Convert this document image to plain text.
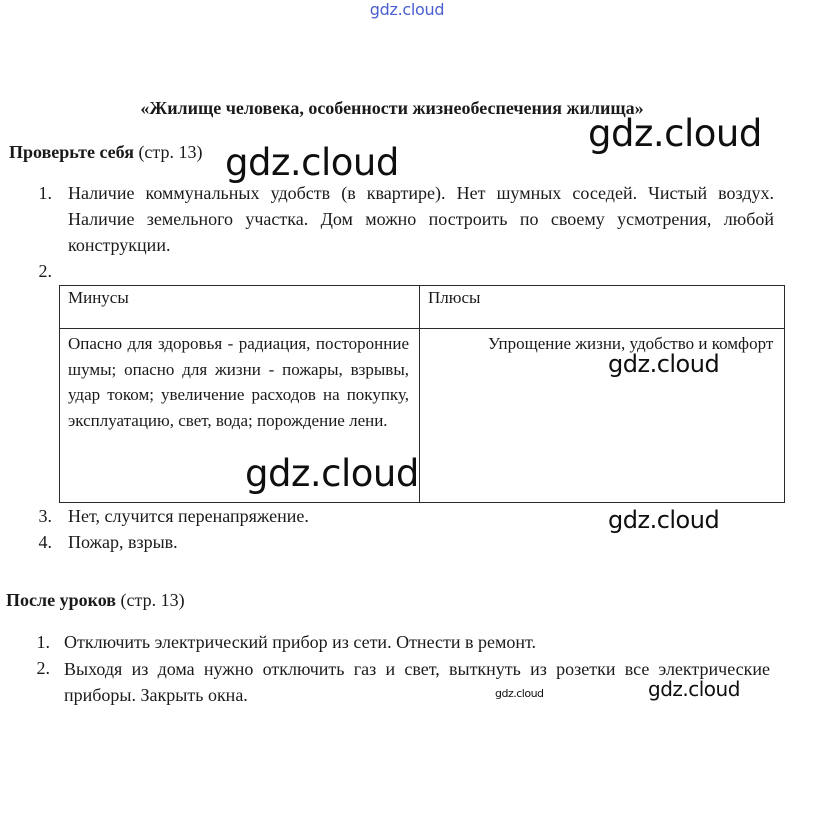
gdz.cloud
«Жилище человека, особенности жизнеобеспечения жилища»
gdz.cloud
Проверьте себя (стр. 13) gdz.cloud
1. Наличие коммунальных удобств (в квартире). Нет шумных соседей. Чистый воздух. Наличие земельного участка. Дом можно построить по своему усмотрения, любой конструкции.
2.
Минусы	Плюсы

Опасно для здоровья - радиация, посторонние шумы; опасно для жизни - пожары, взрывы, удар током; увеличение расходов на покупку, эксплуатацию, свет, вода; порождение лени.	Упрощение жизни, удобство и комфорт
gdz.cloud
gdz.cloud
3. Нет, случится перенапряжение.	gdz.cloud
4. Пожар, взрыв.
После уроков (стр. 13)
1. Отключить электрический прибор из сети. Отнести в ремонт.
2. Выходя из дома нужно отключить газ и свет, выткнуть из розетки все электрические приборы. Закрыть окна.	gdz.cloud	gdz.cloud
